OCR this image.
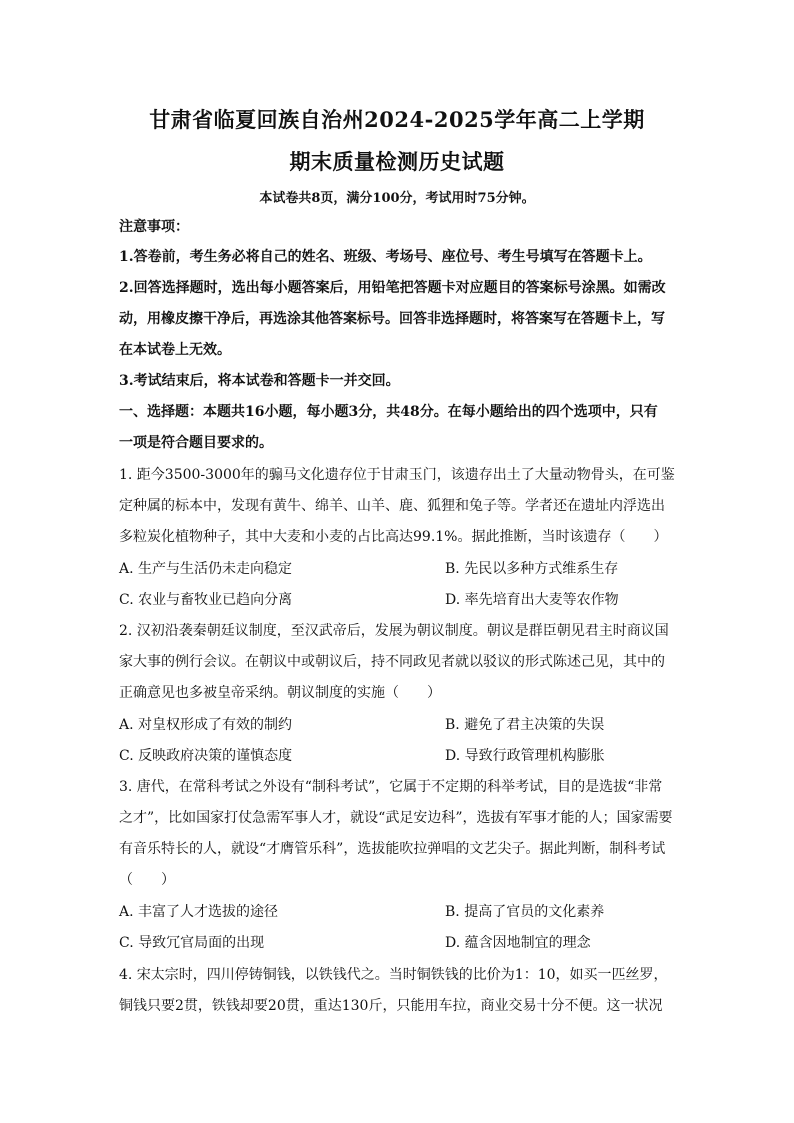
甘肃省临夏回族自治州2024-2025学年高二上学期
期末质量检测历史试题
本试卷共8页，满分100分，考试用时75分钟。
注意事项：
1.答卷前，考生务必将自己的姓名、班级、考场号、座位号、考生号填写在答题卡上。
2.回答选择题时，选出每小题答案后，用铅笔把答题卡对应题目的答案标号涂黑。如需改
动，用橡皮擦干净后，再选涂其他答案标号。回答非选择题时，将答案写在答题卡上，写
在本试卷上无效。
3.考试结束后，将本试卷和答题卡一并交回。
一、选择题：本题共16小题，每小题3分，共48分。在每小题给出的四个选项中，只有
一项是符合题目要求的。
1. 距今3500-3000年的骟马文化遗存位于甘肃玉门，该遗存出土了大量动物骨头，在可鉴
定种属的标本中，发现有黄牛、绵羊、山羊、鹿、狐狸和兔子等。学者还在遗址内浮选出
多粒炭化植物种子，其中大麦和小麦的占比高达99.1%。据此推断，当时该遗存（　　）
A. 生产与生活仍未走向稳定	B. 先民以多种方式维系生存
C. 农业与畜牧业已趋向分离	D. 率先培育出大麦等农作物
2. 汉初沿袭秦朝廷议制度，至汉武帝后，发展为朝议制度。朝议是群臣朝见君主时商议国
家大事的例行会议。在朝议中或朝议后，持不同政见者就以驳议的形式陈述己见，其中的
正确意见也多被皇帝采纳。朝议制度的实施（　　）
A. 对皇权形成了有效的制约	B. 避免了君主决策的失误
C. 反映政府决策的谨慎态度	D. 导致行政管理机构膨胀
3. 唐代，在常科考试之外设有“制科考试”，它属于不定期的科举考试，目的是选拔“非常
之才”，比如国家打仗急需军事人才，就设“武足安边科”，选拔有军事才能的人；国家需要
有音乐特长的人，就设“才膺管乐科”，选拔能吹拉弹唱的文艺尖子。据此判断，制科考试
（　　）
A. 丰富了人才选拔的途径	B. 提高了官员的文化素养
C. 导致冗官局面的出现	D. 蕴含因地制宜的理念
4. 宋太宗时，四川停铸铜钱，以铁钱代之。当时铜铁钱的比价为1：10，如买一匹丝罗，
铜钱只要2贯，铁钱却要20贯，重达130斤，只能用车拉，商业交易十分不便。这一状况
